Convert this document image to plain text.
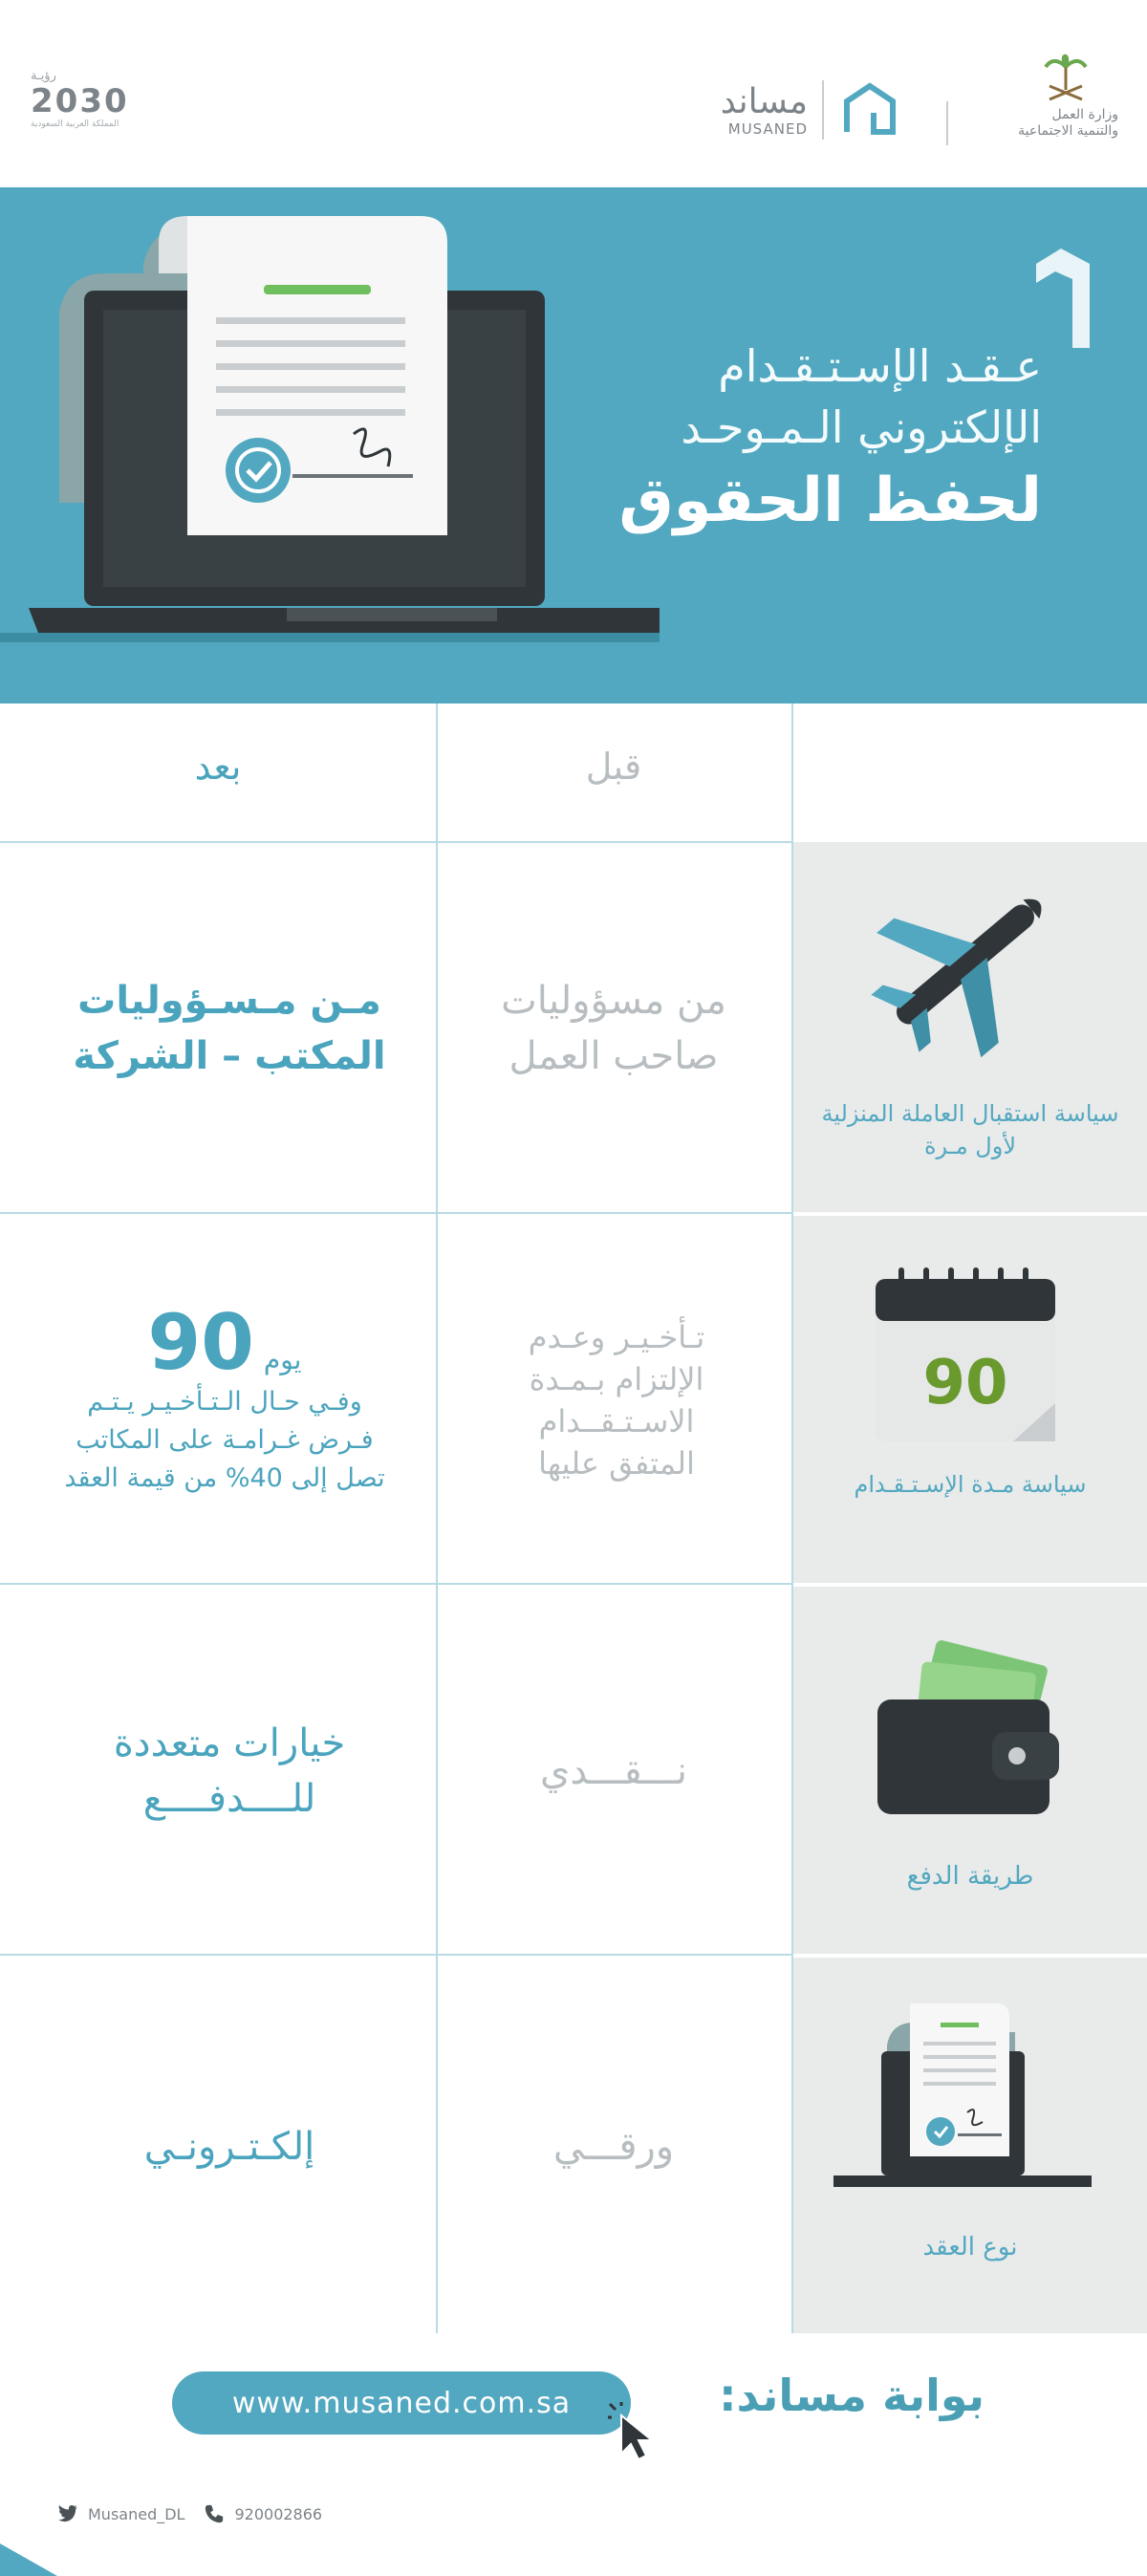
رؤيـة
2030
المملكة العربية السعودية
مساند
MUSANED
وزارة العمل
والتنمية الاجتماعية
عـقـد الإسـتـقـدام
الإلكتروني الـمـوحـد
لحفظ الحقوق
قبل
بعد
سياسة استقبال العاملة المنزلية لأول مـرة
من مسؤوليات صاحب العمل
مـن مـسـؤوليات المكتب – الشركة
90
سياسة مـدة الإسـتـقـدام
تـأخـيـر وعـدم الإلتزام بـمـدة الاسـتـقــدام المتفق عليها
يوم
90
وفـي حـال الـتـأخـيـر يـتـم فـرض غـرامـة على المكاتب تصل إلى 40% من قيمة العقد
طريقة الدفع
نـــقـــدي
خيارات متعددة للــــدفــــع
نوع العقد
ورقـــي
إلكـتـرونـي
بوابة مساند:
www.musaned.com.sa
Musaned_DL	920002866
